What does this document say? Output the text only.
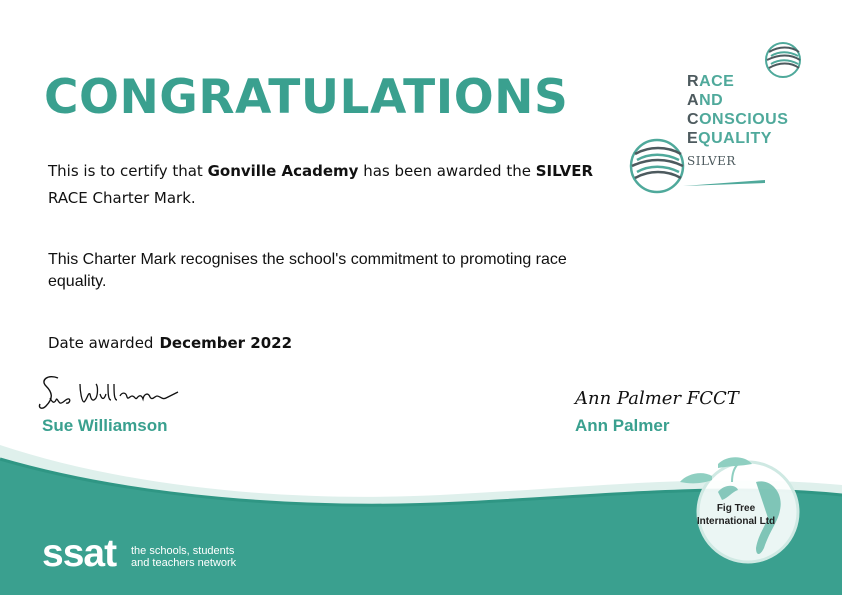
CONGRATULATIONS
This is to certify that Gonville Academy has been awarded the SILVER RACE Charter Mark.
This Charter Mark recognises the school's commitment to promoting race equality.
Date awarded December 2022
Sue Williamson
Ann Palmer FCCT
Ann Palmer
RACE
AND
CONSCIOUS
EQUALITY
SILVER
ssat the schools, students
and teachers network
Fig Tree
International Ltd
